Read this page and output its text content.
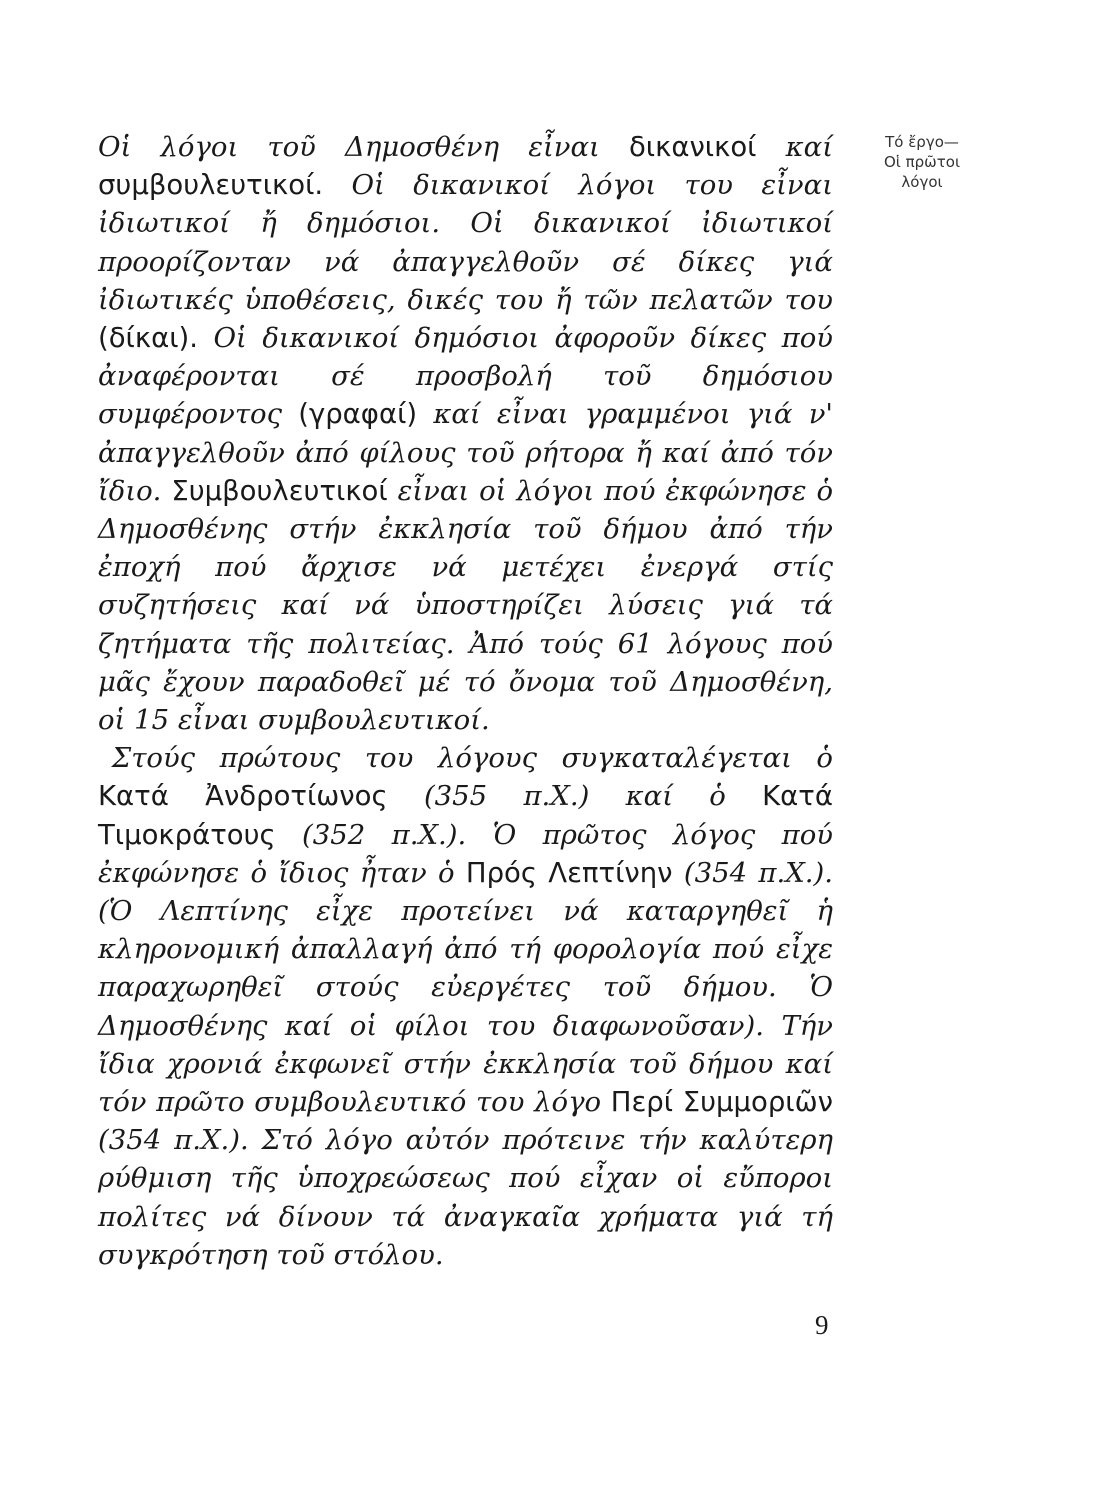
Τό ἔργο—
Οἱ πρῶτοι
λόγοι

Οἱ λόγοι τοῦ Δημοσθένη εἶναι δικανικοί καί συμβουλευτικοί. Οἱ δικανικοί λόγοι του εἶναι ἰδιωτικοί ἤ δημόσιοι. Οἱ δικανικοί ἰδιωτικοί προορίζονταν νά ἀπαγγελθοῦν σέ δίκες γιά ἰδιωτικές ὑποθέσεις, δικές του ἤ τῶν πελατῶν του (δίκαι). Οἱ δικανικοί δημόσιοι ἀφοροῦν δίκες πού ἀναφέρονται σέ προσβολή τοῦ δημόσιου συμφέροντος (γραφαί) καί εἶναι γραμμένοι γιά ν' ἀπαγγελθοῦν ἀπό φίλους τοῦ ρήτορα ἤ καί ἀπό τόν ἴδιο. Συμβουλευτικοί εἶναι οἱ λόγοι πού ἐκφώνησε ὁ Δημοσθένης στήν ἐκκλησία τοῦ δήμου ἀπό τήν ἐποχή πού ἄρχισε νά μετέχει ἐνεργά στίς συζητήσεις καί νά ὑποστηρίζει λύσεις γιά τά ζητήματα τῆς πολιτείας. Ἀπό τούς 61 λόγους πού μᾶς ἔχουν παραδοθεῖ μέ τό ὄνομα τοῦ Δημοσθένη, οἱ 15 εἶναι συμβουλευτικοί.

Στούς πρώτους του λόγους συγκαταλέγεται ὁ Κατά Ἀνδροτίωνος (355 π.Χ.) καί ὁ Κατά Τιμοκράτους (352 π.Χ.). Ὁ πρῶτος λόγος πού ἐκφώνησε ὁ ἴδιος ἦταν ὁ Πρός Λεπτίνην (354 π.Χ.). (Ὁ Λεπτίνης εἶχε προτείνει νά καταργηθεῖ ἡ κληρονομική ἀπαλλαγή ἀπό τή φορολογία πού εἶχε παραχωρηθεῖ στούς εὐεργέτες τοῦ δήμου. Ὁ Δημοσθένης καί οἱ φίλοι του διαφωνοῦσαν). Τήν ἴδια χρονιά ἐκφωνεῖ στήν ἐκκλησία τοῦ δήμου καί τόν πρῶτο συμβουλευτικό του λόγο Περί Συμμοριῶν (354 π.Χ.). Στό λόγο αὐτόν πρότεινε τήν καλύτερη ρύθμιση τῆς ὑποχρεώσεως πού εἶχαν οἱ εὔποροι πολίτες νά δίνουν τά ἀναγκαῖα χρήματα γιά τή συγκρότηση τοῦ στόλου.

9
